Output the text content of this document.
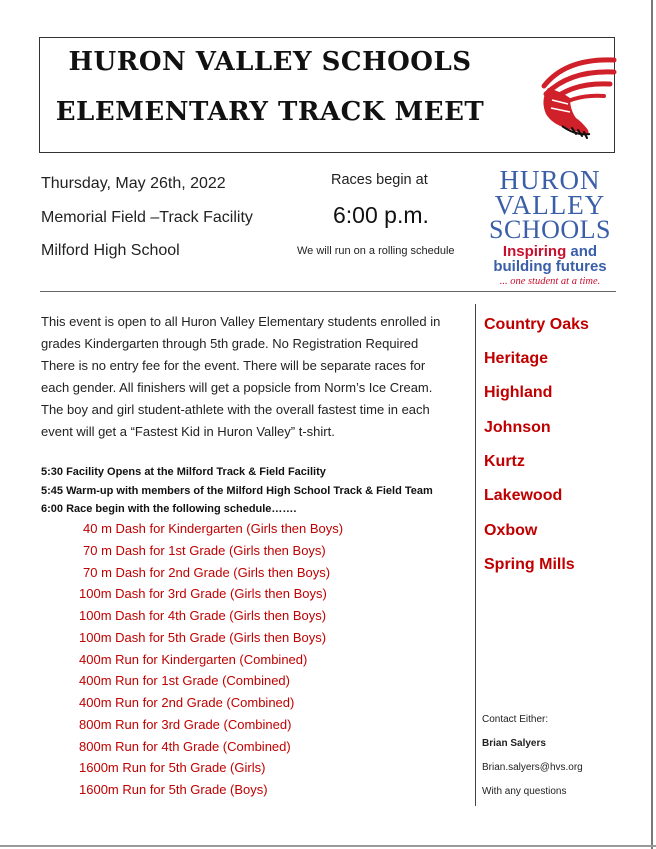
HURON VALLEY SCHOOLS
ELEMENTARY TRACK MEET
Thursday, May 26th, 2022
Memorial Field –Track Facility
Milford High School
Races begin at
6:00 p.m.
We will run on a rolling schedule
HURON
VALLEY
SCHOOLS
Inspiring and
building futures
... one student at a time.
This event is open to all Huron Valley Elementary students enrolled in
grades Kindergarten through 5th grade. No Registration Required
There is no entry fee for the event. There will be separate races for
each gender. All finishers will get a popsicle from Norm’s Ice Cream.
The boy and girl student-athlete with the overall fastest time in each
event will get a “Fastest Kid in Huron Valley” t-shirt.
5:30 Facility Opens at the Milford Track & Field Facility
5:45 Warm-up with members of the Milford High School Track & Field Team
6:00 Race begin with the following schedule…….
40 m Dash for Kindergarten (Girls then Boys)
70 m Dash for 1st Grade (Girls then Boys)
70 m Dash for 2nd Grade (Girls then Boys)
100m Dash for 3rd Grade (Girls then Boys)
100m Dash for 4th Grade (Girls then Boys)
100m Dash for 5th Grade (Girls then Boys)
400m Run for Kindergarten (Combined)
400m Run for 1st Grade (Combined)
400m Run for 2nd Grade (Combined)
800m Run for 3rd Grade (Combined)
800m Run for 4th Grade (Combined)
1600m Run for 5th Grade (Girls)
1600m Run for 5th Grade (Boys)
Country Oaks
Heritage
Highland
Johnson
Kurtz
Lakewood
Oxbow
Spring Mills
Contact Either:
Brian Salyers
Brian.salyers@hvs.org
With any questions
